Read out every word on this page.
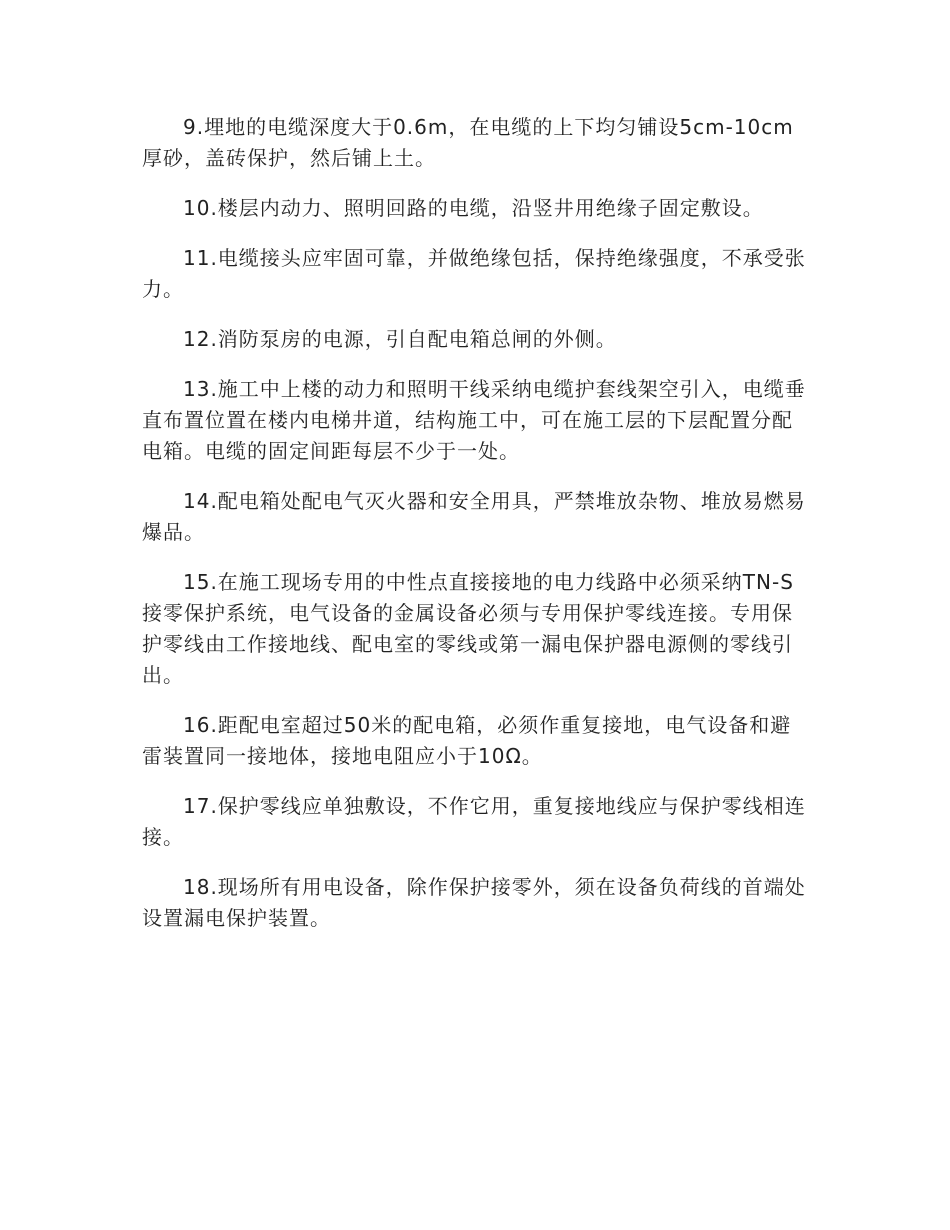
9.埋地的电缆深度大于0.6m，在电缆的上下均匀铺设5cm-10cm厚砂，盖砖保护，然后铺上土。

10.楼层内动力、照明回路的电缆，沿竖井用绝缘子固定敷设。

11.电缆接头应牢固可靠，并做绝缘包括，保持绝缘强度，不承受张力。

12.消防泵房的电源，引自配电箱总闸的外侧。

13.施工中上楼的动力和照明干线采纳电缆护套线架空引入，电缆垂直布置位置在楼内电梯井道，结构施工中，可在施工层的下层配置分配电箱。电缆的固定间距每层不少于一处。

14.配电箱处配电气灭火器和安全用具，严禁堆放杂物、堆放易燃易爆品。

15.在施工现场专用的中性点直接接地的电力线路中必须采纳TN-S接零保护系统，电气设备的金属设备必须与专用保护零线连接。专用保护零线由工作接地线、配电室的零线或第一漏电保护器电源侧的零线引出。

16.距配电室超过50米的配电箱，必须作重复接地，电气设备和避雷装置同一接地体，接地电阻应小于10Ω。

17.保护零线应单独敷设，不作它用，重复接地线应与保护零线相连接。

18.现场所有用电设备，除作保护接零外，须在设备负荷线的首端处设置漏电保护装置。
